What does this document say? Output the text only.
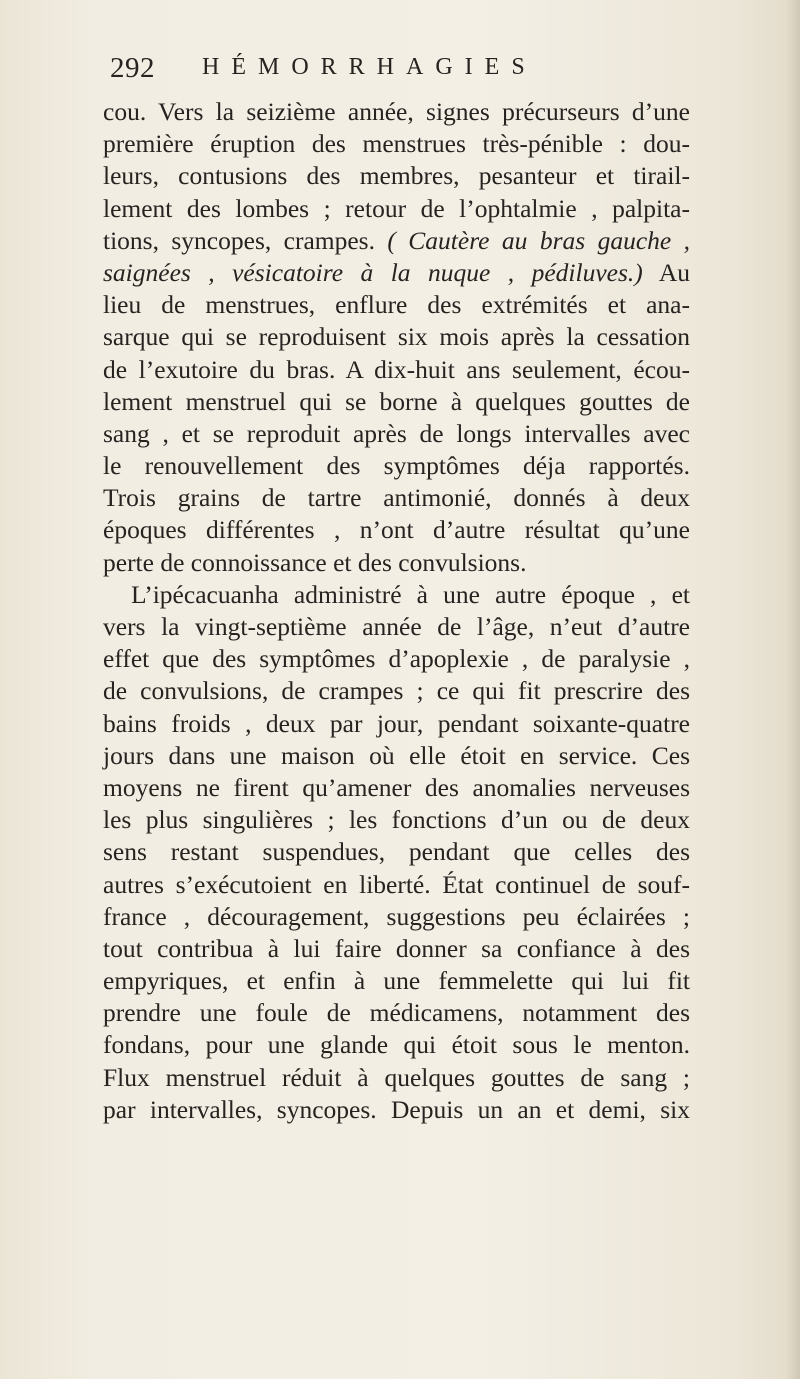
292 HÉMORRHAGIES
cou. Vers la seizième année, signes précurseurs d’une
première éruption des menstrues très-pénible : dou-
leurs, contusions des membres, pesanteur et tirail-
lement des lombes ; retour de l’ophtalmie , palpita-
tions, syncopes, crampes. ( Cautère au bras gauche ,
saignées , vésicatoire à la nuque , pédiluves.) Au
lieu de menstrues, enflure des extrémités et ana-
sarque qui se reproduisent six mois après la cessation
de l’exutoire du bras. A dix-huit ans seulement, écou-
lement menstruel qui se borne à quelques gouttes de
sang , et se reproduit après de longs intervalles avec
le renouvellement des symptômes déja rapportés.
Trois grains de tartre antimonié, donnés à deux
époques différentes , n’ont d’autre résultat qu’une
perte de connoissance et des convulsions.
L’ipécacuanha administré à une autre époque , et
vers la vingt-septième année de l’âge, n’eut d’autre
effet que des symptômes d’apoplexie , de paralysie ,
de convulsions, de crampes ; ce qui fit prescrire des
bains froids , deux par jour, pendant soixante-quatre
jours dans une maison où elle étoit en service. Ces
moyens ne firent qu’amener des anomalies nerveuses
les plus singulières ; les fonctions d’un ou de deux
sens restant suspendues, pendant que celles des
autres s’exécutoient en liberté. État continuel de souf-
france , découragement, suggestions peu éclairées ;
tout contribua à lui faire donner sa confiance à des
empyriques, et enfin à une femmelette qui lui fit
prendre une foule de médicamens, notamment des
fondans, pour une glande qui étoit sous le menton.
Flux menstruel réduit à quelques gouttes de sang ;
par intervalles, syncopes. Depuis un an et demi, six
